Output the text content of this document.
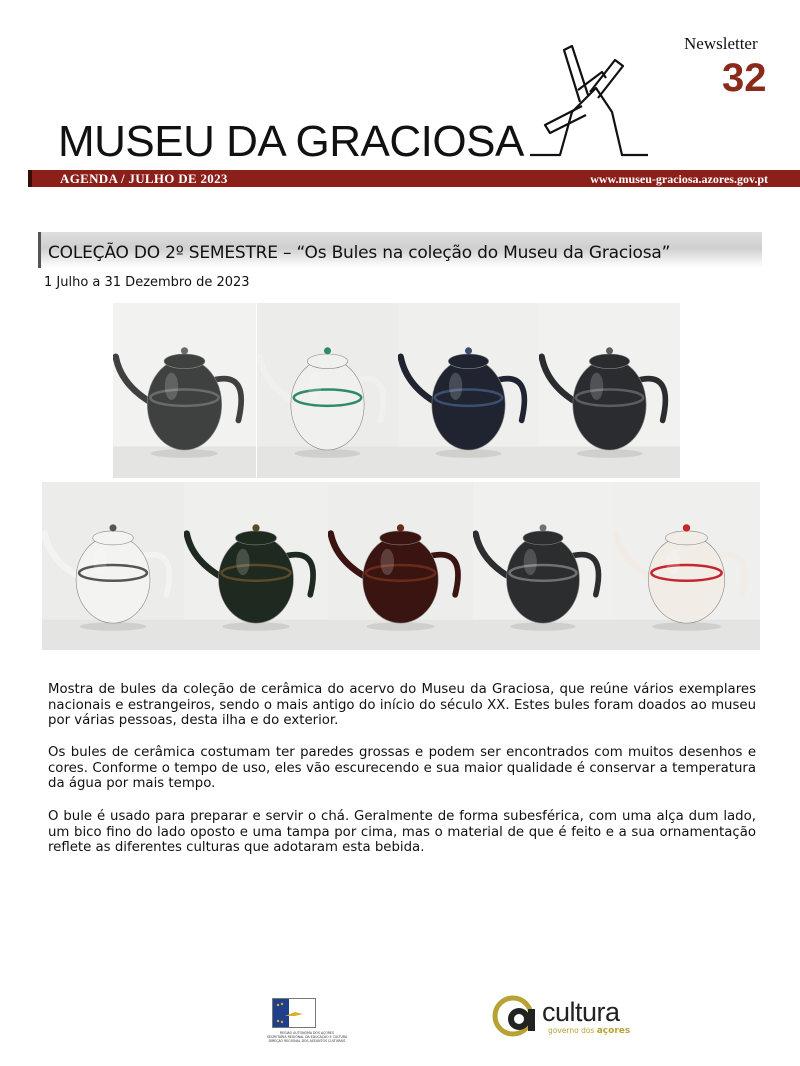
MUSEU DA GRACIOSA
Newsletter
32
AGENDA / JULHO DE 2023	www.museu-graciosa.azores.gov.pt
COLEÇÃO DO 2º SEMESTRE – “Os Bules na coleção do Museu da Graciosa”
1 Julho a 31 Dezembro de 2023
Mostra de bules da coleção de cerâmica do acervo do Museu da Graciosa, que reúne vários exemplares nacionais e estrangeiros, sendo o mais antigo do início do século XX. Estes bules foram doados ao museu por várias pessoas, desta ilha e do exterior.
Os bules de cerâmica costumam ter paredes grossas e podem ser encontrados com muitos desenhos e cores. Conforme o tempo de uso, eles vão escurecendo e sua maior qualidade é conservar a temperatura da água por mais tempo.
O bule é usado para preparar e servir o chá. Geralmente de forma subesférica, com uma alça dum lado, um bico fino do lado oposto e uma tampa por cima, mas o material de que é feito e a sua ornamentação reflete as diferentes culturas que adotaram esta bebida.
REGIÃO AUTÓNOMA DOS AÇORES
SECRETARIA REGIONAL DA EDUCAÇÃO E CULTURA
DIREÇÃO REGIONAL DOS ASSUNTOS CULTURAIS
cultura
governo dos açores
